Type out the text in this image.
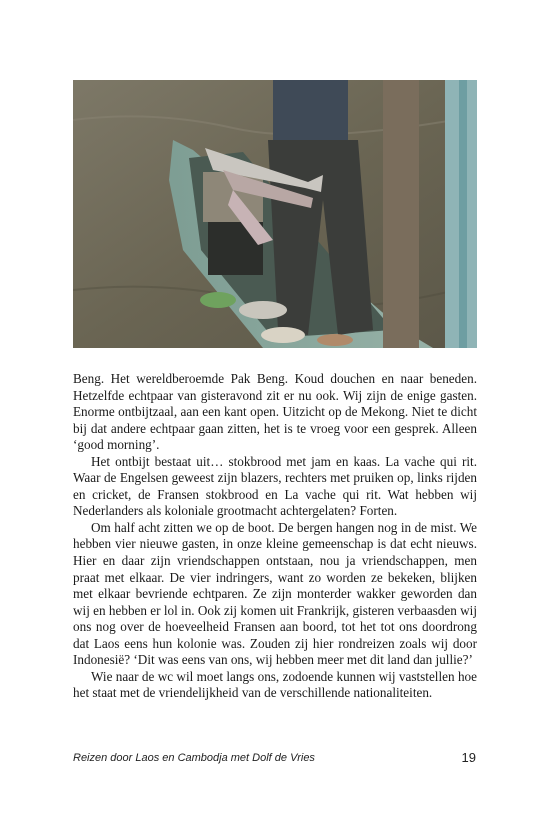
Beng. Het wereldberoemde Pak Beng. Koud douchen en naar beneden. Hetzelfde echtpaar van gisteravond zit er nu ook. Wij zijn de enige gasten. Enorme ontbijtzaal, aan een kant open. Uitzicht op de Mekong. Niet te dicht bij dat andere echtpaar gaan zitten, het is te vroeg voor een gesprek. Alleen ‘good morning’.

Het ontbijt bestaat uit… stokbrood met jam en kaas. La vache qui rit. Waar de Engelsen geweest zijn blazers, rechters met pruiken op, links rijden en cricket, de Fransen stokbrood en La vache qui rit. Wat hebben wij Nederlanders als koloniale grootmacht achtergelaten? Forten.

Om half acht zitten we op de boot. De bergen hangen nog in de mist. We hebben vier nieuwe gasten, in onze kleine gemeenschap is dat echt nieuws. Hier en daar zijn vriendschappen ontstaan, nou ja vriendschappen, men praat met elkaar. De vier indringers, want zo worden ze bekeken, blijken met elkaar bevriende echtparen. Ze zijn monterder wakker geworden dan wij en hebben er lol in. Ook zij komen uit Frankrijk, gisteren verbaasden wij ons nog over de hoeveelheid Fransen aan boord, tot het tot ons doordrong dat Laos eens hun kolonie was. Zouden zij hier rondreizen zoals wij door Indonesië? ‘Dit was eens van ons, wij hebben meer met dit land dan jullie?’

Wie naar de wc wil moet langs ons, zodoende kunnen wij vaststellen hoe het staat met de vriendelijkheid van de verschillende nationaliteiten.

Reizen door Laos en Cambodja met Dolf de Vries	19
